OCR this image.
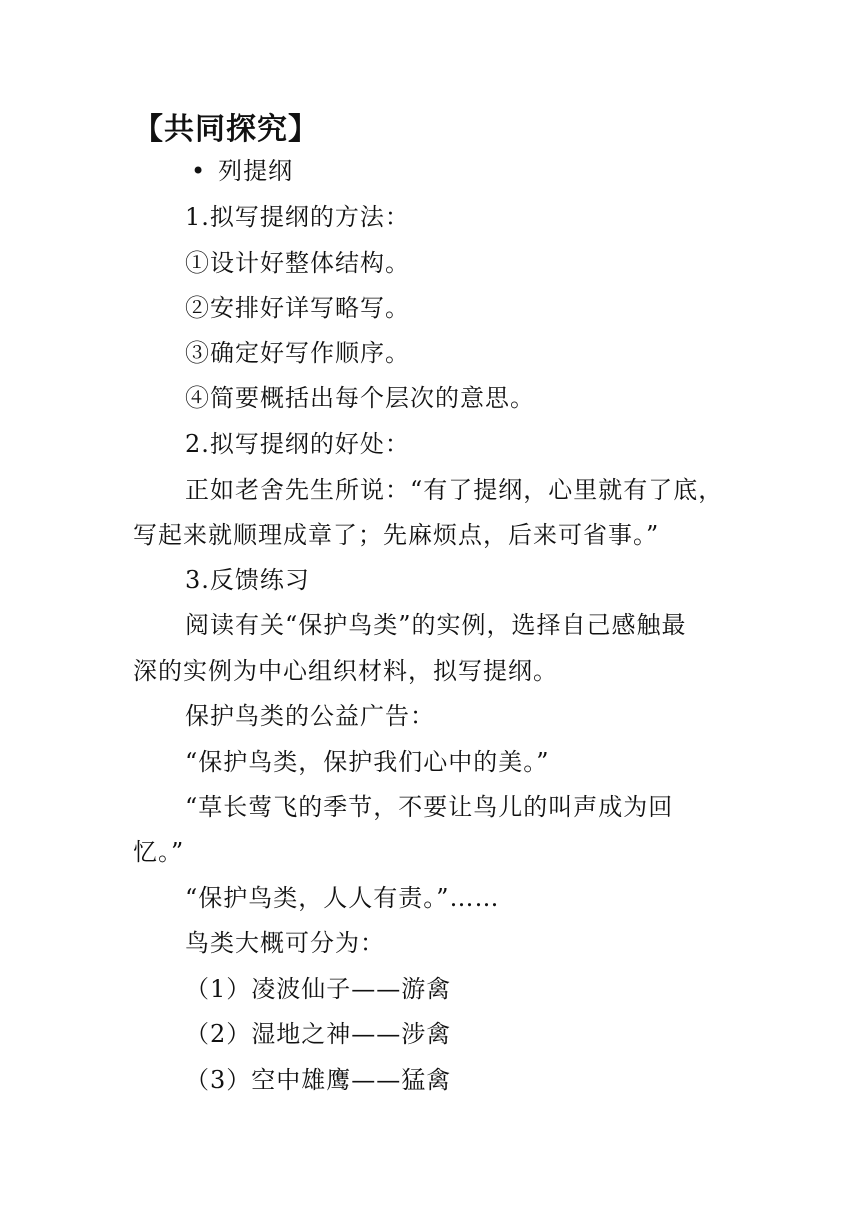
【共同探究】
• 列提纲
1.拟写提纲的方法：
①设计好整体结构。
②安排好详写略写。
③确定好写作顺序。
④简要概括出每个层次的意思。
2.拟写提纲的好处：
正如老舍先生所说：“有了提纲，心里就有了底，
写起来就顺理成章了；先麻烦点，后来可省事。”
3.反馈练习
阅读有关“保护鸟类”的实例，选择自己感触最
深的实例为中心组织材料，拟写提纲。
保护鸟类的公益广告：
“保护鸟类，保护我们心中的美。”
“草长莺飞的季节，不要让鸟儿的叫声成为回
忆。”
“保护鸟类，人人有责。”……
鸟类大概可分为：
（1）凌波仙子——游禽
（2）湿地之神——涉禽
（3）空中雄鹰——猛禽
